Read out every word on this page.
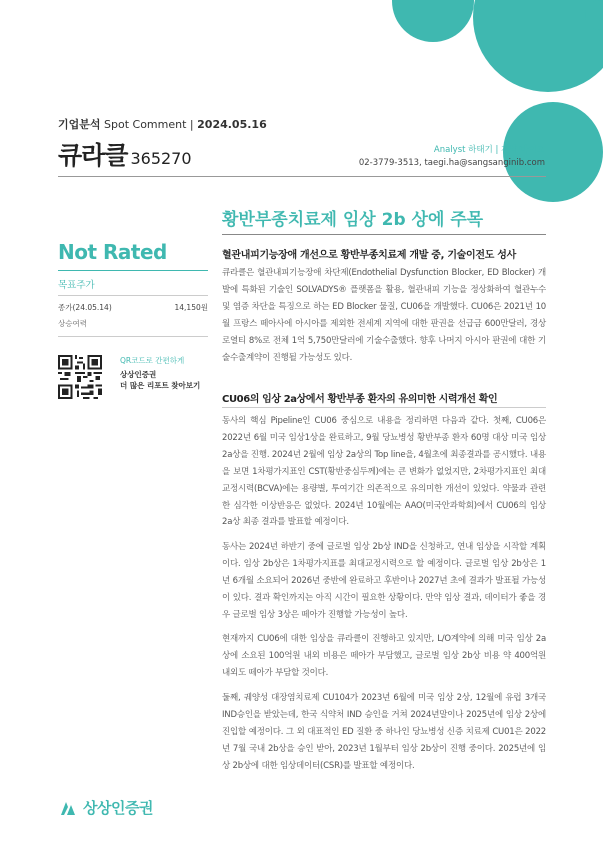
기업분석 Spot Comment | 2024.05.16
큐라클 365270	Analyst 하태기 | 제약/바이오
02-3779-3513, taegi.ha@sangsanginib.com
황반부종치료제 임상 2b 상에 주목
Not Rated
목표주가
종가(24.05.14)	14,150원
상승여력
QR코드로 간편하게
상상인증권
더 많은 리포트 찾아보기
혈관내피기능장애 개선으로 황반부종치료제 개발 중, 기술이전도 성사
큐라클은 혈관내피기능장애 차단제(Endothelial Dysfunction Blocker, ED Blocker) 개발에 특화된 기술인 SOLVADYS® 플랫폼을 활용, 혈관내피 기능을 정상화하여 혈관누수 및 염증 차단을 특징으로 하는 ED Blocker 물질, CU06을 개발했다. CU06은 2021년 10월 프랑스 떼아사에 아시아를 제외한 전세계 지역에 대한 판권을 선급금 600만달러, 경상로열티 8%로 전체 1억 5,750만달러에 기술수출했다. 향후 나머지 아시아 판권에 대한 기술수출계약이 진행될 가능성도 있다.
CU06의 임상 2a상에서 황반부종 환자의 유의미한 시력개선 확인
동사의 핵심 Pipeline인 CU06 중심으로 내용을 정리하면 다음과 같다. 첫째, CU06은 2022년 6월 미국 임상1상을 완료하고, 9월 당뇨병성 황반부종 환자 60명 대상 미국 임상 2a상을 진행. 2024년 2월에 임상 2a상의 Top line을, 4월초에 최종결과를 공시했다. 내용을 보면 1차평가지표인 CST(황반중심두께)에는 큰 변화가 없었지만, 2차평가지표인 최대교정시력(BCVA)에는 용량별, 투여기간 의존적으로 유의미한 개선이 있었다. 약물과 관련한 심각한 이상반응은 없었다. 2024년 10월에는 AAO(미국안과학회)에서 CU06의 임상 2a상 최종 결과를 발표할 예정이다.
동사는 2024년 하반기 중에 글로벌 임상 2b상 IND을 신청하고, 연내 임상을 시작할 계획이다. 임상 2b상은 1차평가지표를 최대교정시력으로 할 예정이다. 글로벌 임상 2b상은 1년 6개월 소요되어 2026년 중반에 완료하고 후반이나 2027년 초에 결과가 발표될 가능성이 있다. 결과 확인까지는 아직 시간이 필요한 상황이다. 만약 임상 결과, 데이터가 좋을 경우 글로벌 임상 3상은 떼아가 진행할 가능성이 높다.
현재까지 CU06에 대한 임상을 큐라클이 진행하고 있지만, L/O계약에 의해 미국 임상 2a상에 소요된 100억원 내외 비용은 떼아가 부담했고, 글로벌 임상 2b상 비용 약 400억원 내외도 떼아가 부담할 것이다.
둘째, 궤양성 대장염치료제 CU104가 2023년 6월에 미국 임상 2상, 12월에 유럽 3개국 IND승인을 받았는데, 한국 식약처 IND 승인을 거쳐 2024년말이나 2025년에 임상 2상에 진입할 예정이다. 그 외 대표적인 ED 질환 중 하나인 당뇨병성 신증 치료제 CU01은 2022년 7월 국내 2b상을 승인 받아, 2023년 1월부터 임상 2b상이 진행 중이다. 2025년에 임상 2b상에 대한 임상데이터(CSR)를 발표할 예정이다.
상상인증권
